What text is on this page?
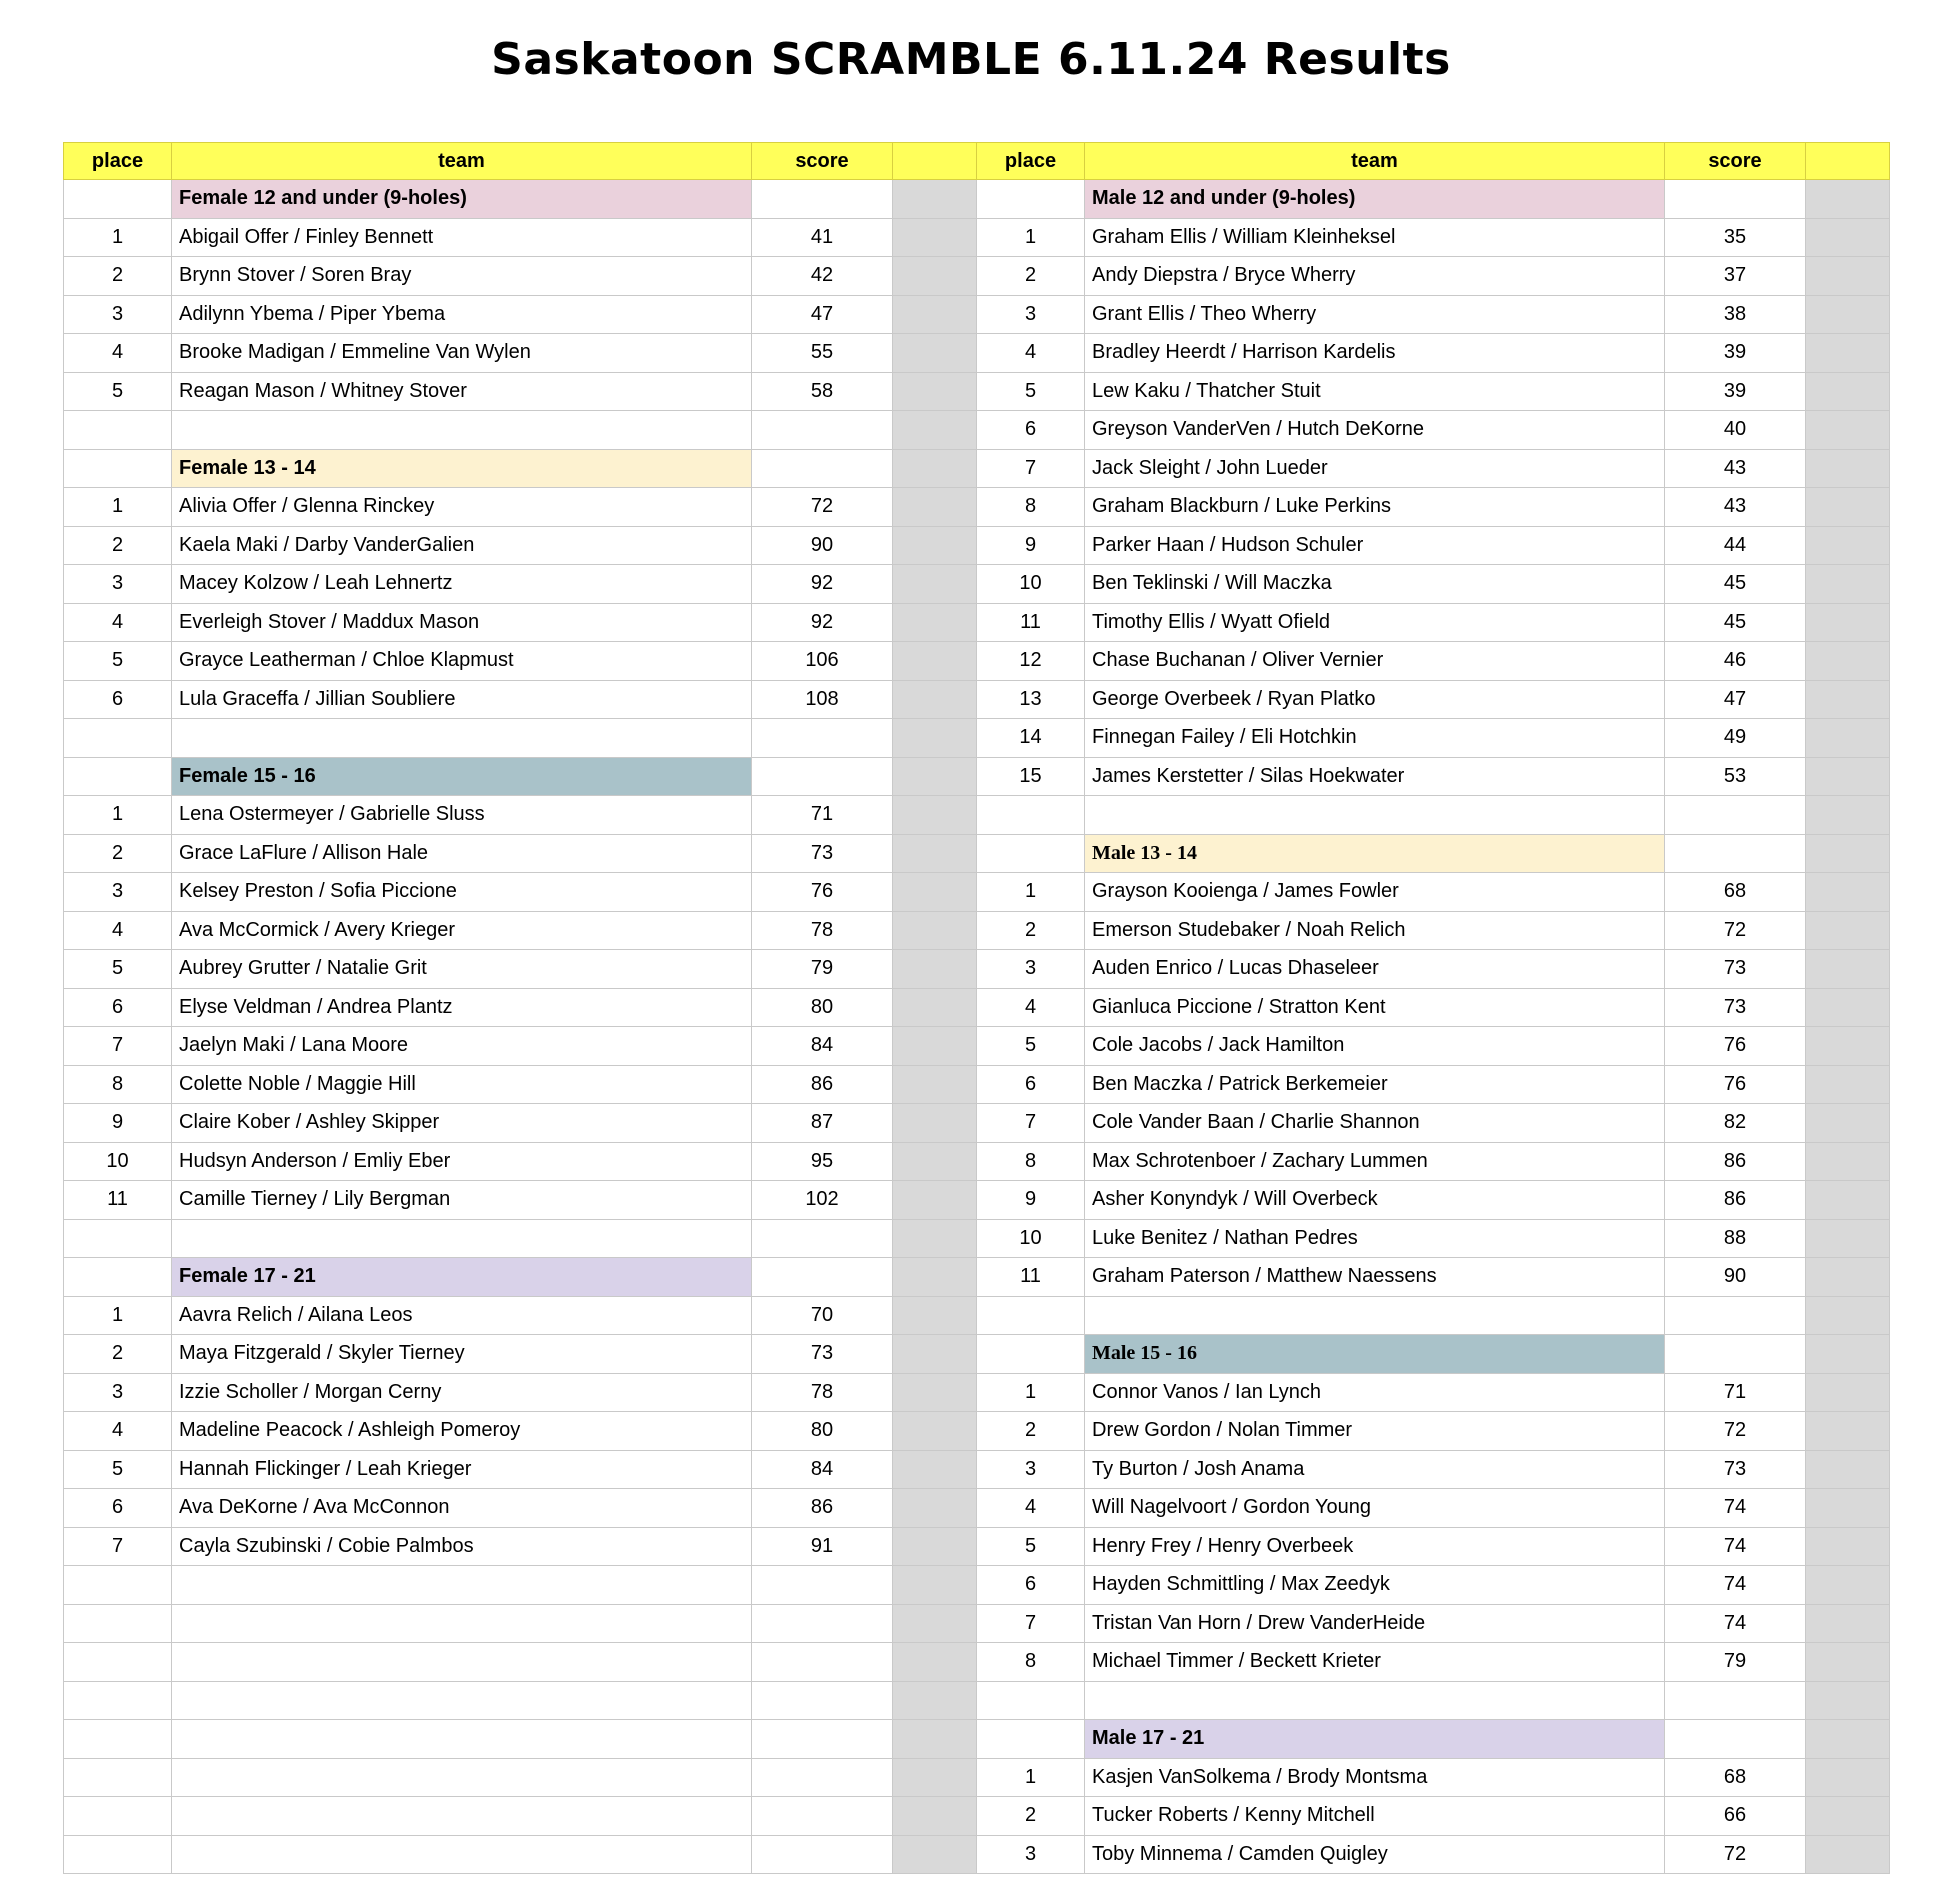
Saskatoon SCRAMBLE 6.11.24 Results
place	team	score	
	Female 12 and under (9-holes)		
1	Abigail Offer / Finley Bennett	41	
2	Brynn Stover / Soren Bray	42	
3	Adilynn Ybema / Piper Ybema	47	
4	Brooke Madigan / Emmeline Van Wylen	55	
5	Reagan Mason / Whitney Stover	58	

	Female 13 - 14		
1	Alivia Offer / Glenna Rinckey	72	
2	Kaela Maki / Darby VanderGalien	90	
3	Macey Kolzow / Leah Lehnertz	92	
4	Everleigh Stover / Maddux Mason	92	
5	Grayce Leatherman / Chloe Klapmust	106	
6	Lula Graceffa / Jillian Soubliere	108	

	Female 15 - 16		
1	Lena Ostermeyer / Gabrielle Sluss	71	
2	Grace LaFlure / Allison Hale	73	
3	Kelsey Preston / Sofia Piccione	76	
4	Ava McCormick / Avery Krieger	78	
5	Aubrey Grutter / Natalie Grit	79	
6	Elyse Veldman / Andrea Plantz	80	
7	Jaelyn Maki / Lana Moore	84	
8	Colette Noble / Maggie Hill	86	
9	Claire Kober / Ashley Skipper	87	
10	Hudsyn Anderson / Emliy Eber	95	
11	Camille Tierney / Lily Bergman	102	

	Female 17 - 21		
1	Aavra Relich / Ailana Leos	70	
2	Maya Fitzgerald / Skyler Tierney	73	
3	Izzie Scholler / Morgan Cerny	78	
4	Madeline Peacock / Ashleigh Pomeroy	80	
5	Hannah Flickinger / Leah Krieger	84	
6	Ava DeKorne / Ava McConnon	86	
7	Cayla Szubinski / Cobie Palmbos	91	

place	team	score	
	Male 12 and under (9-holes)		
1	Graham Ellis / William Kleinheksel	35	
2	Andy Diepstra / Bryce Wherry	37	
3	Grant Ellis / Theo Wherry	38	
4	Bradley Heerdt / Harrison Kardelis	39	
5	Lew Kaku / Thatcher Stuit	39	
6	Greyson VanderVen / Hutch DeKorne	40	
7	Jack Sleight / John Lueder	43	
8	Graham Blackburn / Luke Perkins	43	
9	Parker Haan / Hudson Schuler	44	
10	Ben Teklinski / Will Maczka	45	
11	Timothy Ellis / Wyatt Ofield	45	
12	Chase Buchanan / Oliver Vernier	46	
13	George Overbeek / Ryan Platko	47	
14	Finnegan Failey / Eli Hotchkin	49	
15	James Kerstetter / Silas Hoekwater	53	

	Male 13 - 14		
1	Grayson Kooienga / James Fowler	68	
2	Emerson Studebaker / Noah Relich	72	
3	Auden Enrico / Lucas Dhaseleer	73	
4	Gianluca Piccione / Stratton Kent	73	
5	Cole Jacobs / Jack Hamilton	76	
6	Ben Maczka / Patrick Berkemeier	76	
7	Cole Vander Baan / Charlie Shannon	82	
8	Max Schrotenboer / Zachary Lummen	86	
9	Asher Konyndyk / Will Overbeck	86	
10	Luke Benitez / Nathan Pedres	88	
11	Graham Paterson / Matthew Naessens	90	

	Male 15 - 16		
1	Connor Vanos / Ian Lynch	71	
2	Drew Gordon / Nolan Timmer	72	
3	Ty Burton / Josh Anama	73	
4	Will Nagelvoort / Gordon Young	74	
5	Henry Frey / Henry Overbeek	74	
6	Hayden Schmittling / Max Zeedyk	74	
7	Tristan Van Horn / Drew VanderHeide	74	
8	Michael Timmer / Beckett Krieter	79	

	Male 17 - 21		
1	Kasjen VanSolkema / Brody Montsma	68	
2	Tucker Roberts / Kenny Mitchell	66	
3	Toby Minnema / Camden Quigley	72	
